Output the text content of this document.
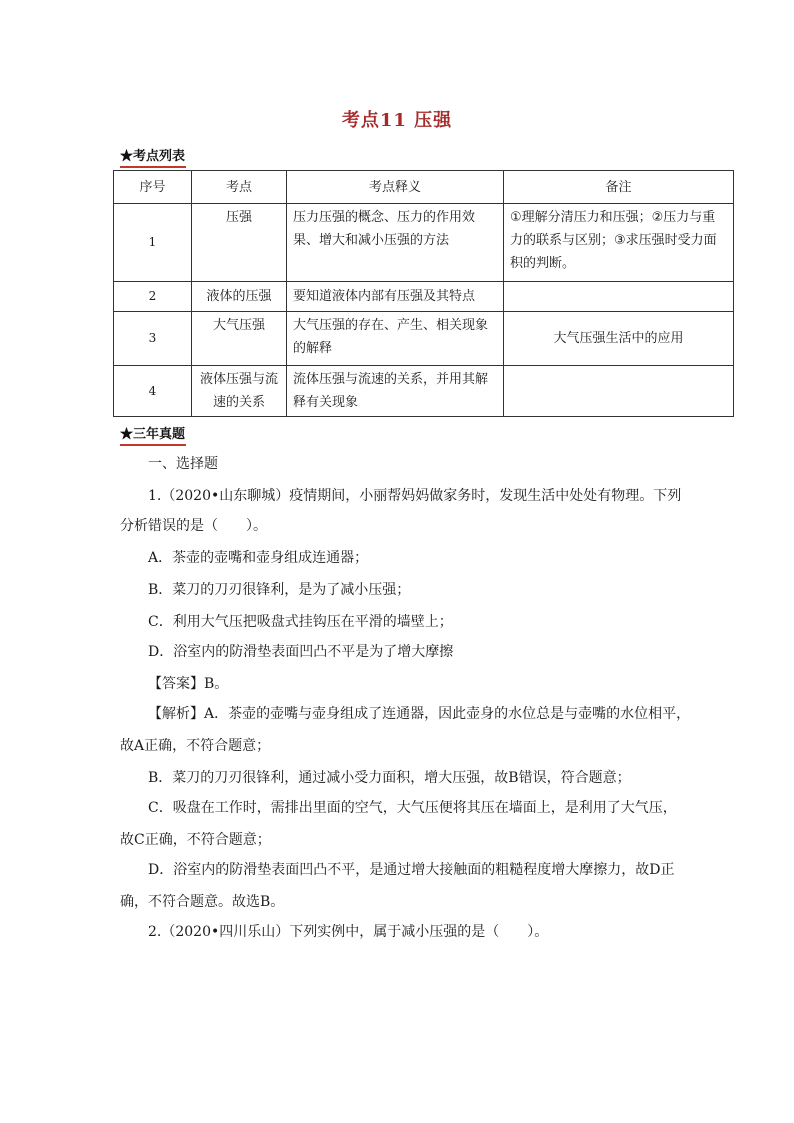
考点11 压强
★考点列表
序号	考点	考点释义	备注
1	压强	压力压强的概念、压力的作用效果、增大和减小压强的方法	①理解分清压力和压强；②压力与重力的联系与区别；③求压强时受力面积的判断。
2	液体的压强	要知道液体内部有压强及其特点	
3	大气压强	大气压强的存在、产生、相关现象的解释	大气压强生活中的应用
4	液体压强与流速的关系	流体压强与流速的关系，并用其解释有关现象	
★三年真题
一、选择题
1.（2020•山东聊城）疫情期间，小丽帮妈妈做家务时，发现生活中处处有物理。下列
分析错误的是（　　）。
A．茶壶的壶嘴和壶身组成连通器；
B．菜刀的刀刃很锋利，是为了减小压强；
C．利用大气压把吸盘式挂钩压在平滑的墙壁上；
D．浴室内的防滑垫表面凹凸不平是为了增大摩擦
【答案】B。
【解析】A．茶壶的壶嘴与壶身组成了连通器，因此壶身的水位总是与壶嘴的水位相平，
故A正确，不符合题意；
B．菜刀的刀刃很锋利，通过减小受力面积，增大压强，故B错误，符合题意；
C．吸盘在工作时，需排出里面的空气，大气压便将其压在墙面上，是利用了大气压，
故C正确，不符合题意；
D．浴室内的防滑垫表面凹凸不平，是通过增大接触面的粗糙程度增大摩擦力，故D正
确，不符合题意。故选B。
2.（2020•四川乐山）下列实例中，属于减小压强的是（　　）。
